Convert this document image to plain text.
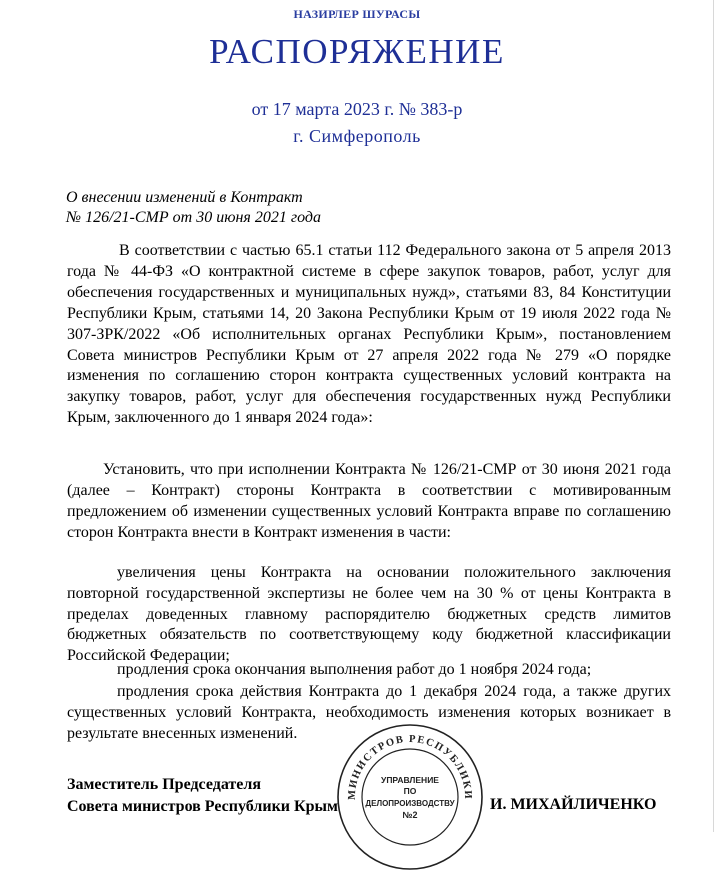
НАЗИРЛЕР ШУРАСЫ
РАСПОРЯЖЕНИЕ
от 17 марта 2023 г. № 383-р
г. Симферополь
О внесении изменений в Контракт
№ 126/21-СМР от 30 июня 2021 года
В соответствии с частью 65.1 статьи 112 Федерального закона от 5 апреля 2013 года № 44-ФЗ «О контрактной системе в сфере закупок товаров, работ, услуг для обеспечения государственных и муниципальных нужд», статьями 83, 84 Конституции Республики Крым, статьями 14, 20 Закона Республики Крым от 19 июля 2022 года № 307-ЗРК/2022 «Об исполнительных органах Республики Крым», постановлением Совета министров Республики Крым от 27 апреля 2022 года № 279 «О порядке изменения по соглашению сторон контракта существенных условий контракта на закупку товаров, работ, услуг для обеспечения государственных нужд Республики Крым, заключенного до 1 января 2024 года»:
Установить, что при исполнении Контракта № 126/21-СМР от 30 июня 2021 года (далее – Контракт) стороны Контракта в соответствии с мотивированным предложением об изменении существенных условий Контракта вправе по соглашению сторон Контракта внести в Контракт изменения в части:
увеличения цены Контракта на основании положительного заключения повторной государственной экспертизы не более чем на 30 % от цены Контракта в пределах доведенных главному распорядителю бюджетных средств лимитов бюджетных обязательств по соответствующему коду бюджетной классификации Российской Федерации;
продления срока окончания выполнения работ до 1 ноября 2024 года;
продления срока действия Контракта до 1 декабря 2024 года, а также других существенных условий Контракта, необходимость изменения которых возникает в результате внесенных изменений.
Заместитель Председателя
Совета министров Республики Крым
МИНИСТРОВ РЕСПУБЛИКИ
УПРАВЛЕНИЕ
ПО
ДЕЛОПРОИЗВОДСТВУ
№2
И. МИХАЙЛИЧЕНКО
